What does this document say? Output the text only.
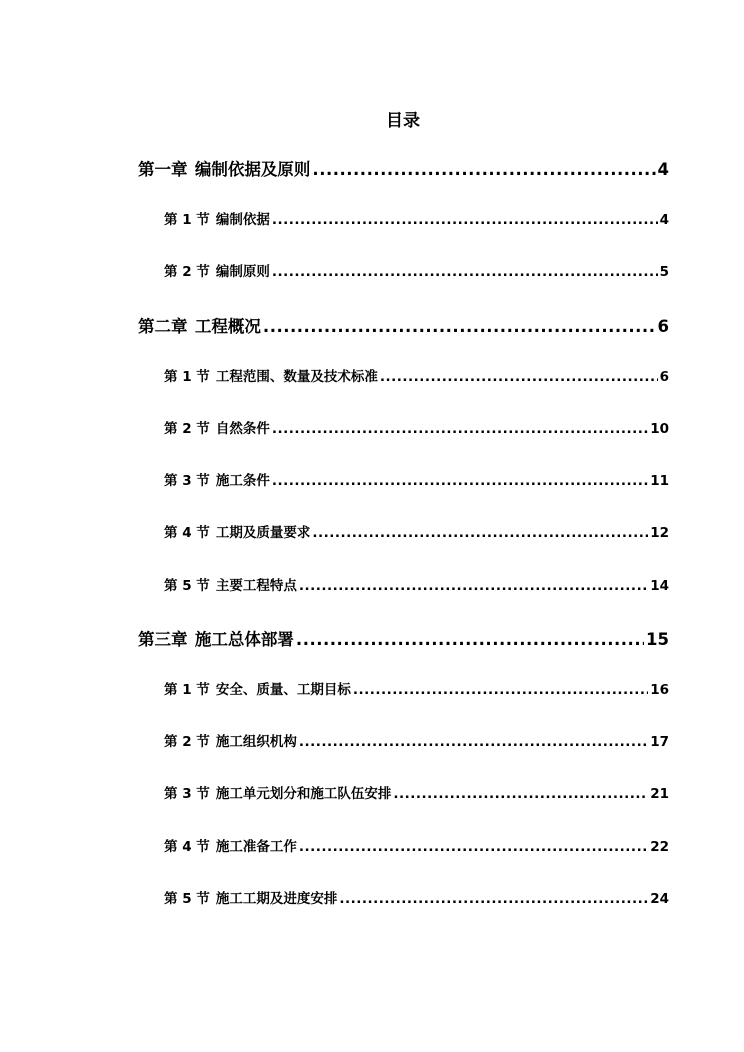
目录
第一章 编制依据及原则 .....	4
第 1 节 编制依据 .....	4
第 2 节 编制原则 .....	5
第二章 工程概况 .....	6
第 1 节 工程范围、数量及技术标准 .....	6
第 2 节 自然条件 .....	10
第 3 节 施工条件 .....	11
第 4 节 工期及质量要求 .....	12
第 5 节 主要工程特点 .....	14
第三章 施工总体部署 .....	15
第 1 节 安全、质量、工期目标 .....	16
第 2 节 施工组织机构 .....	17
第 3 节 施工单元划分和施工队伍安排 .....	21
第 4 节 施工准备工作 .....	22
第 5 节 施工工期及进度安排 .....	24
